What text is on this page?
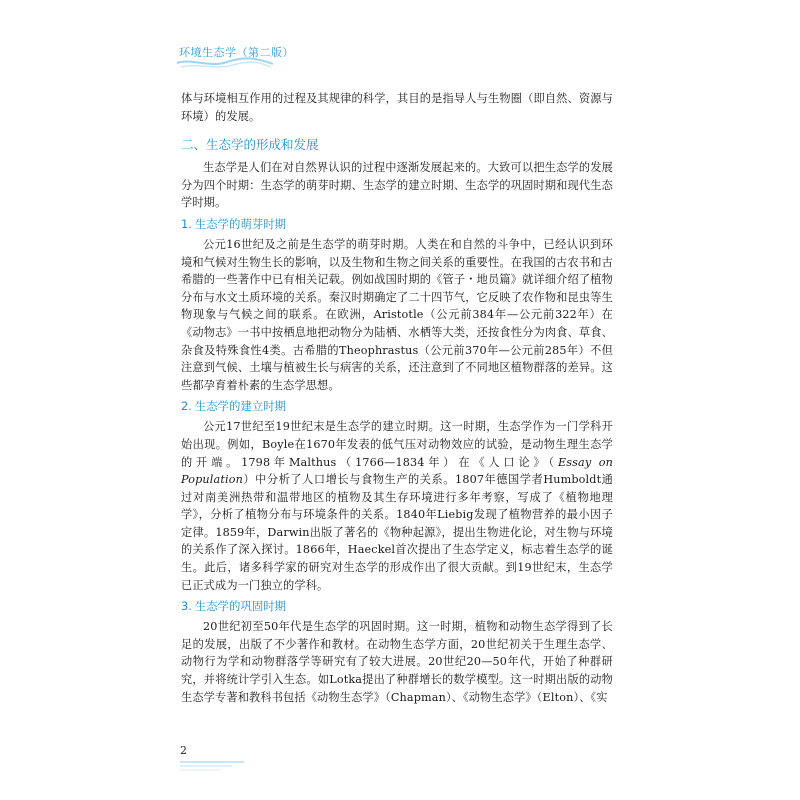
环境生态学（第二版）

体与环境相互作用的过程及其规律的科学，其目的是指导人与生物圈（即自然、资源与环境）的发展。

二、生态学的形成和发展

生态学是人们在对自然界认识的过程中逐渐发展起来的。大致可以把生态学的发展分为四个时期：生态学的萌芽时期、生态学的建立时期、生态学的巩固时期和现代生态学时期。

1. 生态学的萌芽时期

公元16世纪及之前是生态学的萌芽时期。人类在和自然的斗争中，已经认识到环境和气候对生物生长的影响，以及生物和生物之间关系的重要性。在我国的古农书和古希腊的一些著作中已有相关记载。例如战国时期的《管子・地员篇》就详细介绍了植物分布与水文土质环境的关系。秦汉时期确定了二十四节气，它反映了农作物和昆虫等生物现象与气候之间的联系。在欧洲，Aristotle（公元前384年—公元前322年）在《动物志》一书中按栖息地把动物分为陆栖、水栖等大类，还按食性分为肉食、草食、杂食及特殊食性4类。古希腊的Theophrastus（公元前370年—公元前285年）不但注意到气候、土壤与植被生长与病害的关系，还注意到了不同地区植物群落的差异。这些都孕育着朴素的生态学思想。

2. 生态学的建立时期

公元17世纪至19世纪末是生态学的建立时期。这一时期，生态学作为一门学科开始出现。例如，Boyle在1670年发表的低气压对动物效应的试验，是动物生理生态学的开端。1798年Malthus（1766—1834年）在《人口论》（Essay on Population）中分析了人口增长与食物生产的关系。1807年德国学者Humboldt通过对南美洲热带和温带地区的植物及其生存环境进行多年考察，写成了《植物地理学》，分析了植物分布与环境条件的关系。1840年Liebig发现了植物营养的最小因子定律。1859年，Darwin出版了著名的《物种起源》，提出生物进化论，对生物与环境的关系作了深入探讨。1866年，Haeckel首次提出了生态学定义，标志着生态学的诞生。此后，诸多科学家的研究对生态学的形成作出了很大贡献。到19世纪末，生态学已正式成为一门独立的学科。

3. 生态学的巩固时期

20世纪初至50年代是生态学的巩固时期。这一时期，植物和动物生态学得到了长足的发展，出版了不少著作和教材。在动物生态学方面，20世纪初关于生理生态学、动物行为学和动物群落学等研究有了较大进展。20世纪20—50年代，开始了种群研究，并将统计学引入生态。如Lotka提出了种群增长的数学模型。这一时期出版的动物生态学专著和教科书包括《动物生态学》（Chapman）、《动物生态学》（Elton）、《实

2
